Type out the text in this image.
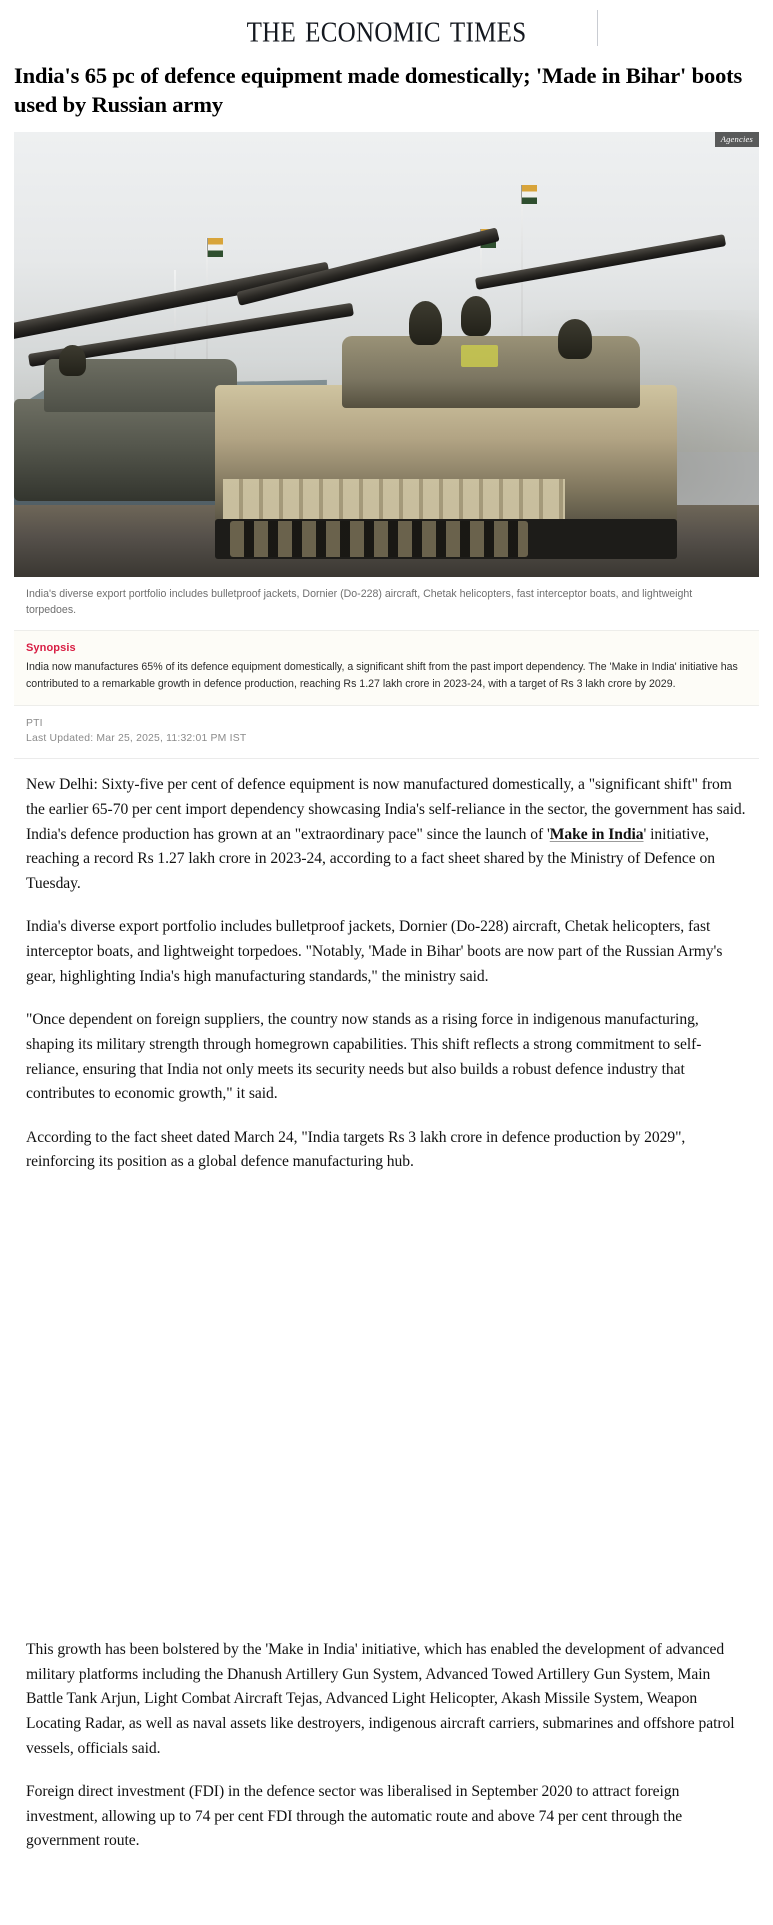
the economic times
India's 65 pc of defence equipment made domestically; 'Made in Bihar' boots used by Russian army
Agencies
India's diverse export portfolio includes bulletproof jackets, Dornier (Do-228) aircraft, Chetak helicopters, fast interceptor boats, and lightweight torpedoes.
Synopsis

India now manufactures 65% of its defence equipment domestically, a significant shift from the past import dependency. The 'Make in India' initiative has contributed to a remarkable growth in defence production, reaching Rs 1.27 lakh crore in 2023-24, with a target of Rs 3 lakh crore by 2029.

PTI
Last Updated: Mar 25, 2025, 11:32:01 PM IST

New Delhi: Sixty-five per cent of defence equipment is now manufactured domestically, a "significant shift" from the earlier 65-70 per cent import dependency showcasing India's self-reliance in the sector, the government has said. India's defence production has grown at an "extraordinary pace" since the launch of 'Make in India' initiative, reaching a record Rs 1.27 lakh crore in 2023-24, according to a fact sheet shared by the Ministry of Defence on Tuesday.

India's diverse export portfolio includes bulletproof jackets, Dornier (Do-228) aircraft, Chetak helicopters, fast interceptor boats, and lightweight torpedoes. "Notably, 'Made in Bihar' boots are now part of the Russian Army's gear, highlighting India's high manufacturing standards," the ministry said.

"Once dependent on foreign suppliers, the country now stands as a rising force in indigenous manufacturing, shaping its military strength through homegrown capabilities. This shift reflects a strong commitment to self-reliance, ensuring that India not only meets its security needs but also builds a robust defence industry that contributes to economic growth," it said.

According to the fact sheet dated March 24, "India targets Rs 3 lakh crore in defence production by 2029", reinforcing its position as a global defence manufacturing hub.

This growth has been bolstered by the 'Make in India' initiative, which has enabled the development of advanced military platforms including the Dhanush Artillery Gun System, Advanced Towed Artillery Gun System, Main Battle Tank Arjun, Light Combat Aircraft Tejas, Advanced Light Helicopter, Akash Missile System, Weapon Locating Radar, as well as naval assets like destroyers, indigenous aircraft carriers, submarines and offshore patrol vessels, officials said.

Foreign direct investment (FDI) in the defence sector was liberalised in September 2020 to attract foreign investment, allowing up to 74 per cent FDI through the automatic route and above 74 per cent through the government route.
